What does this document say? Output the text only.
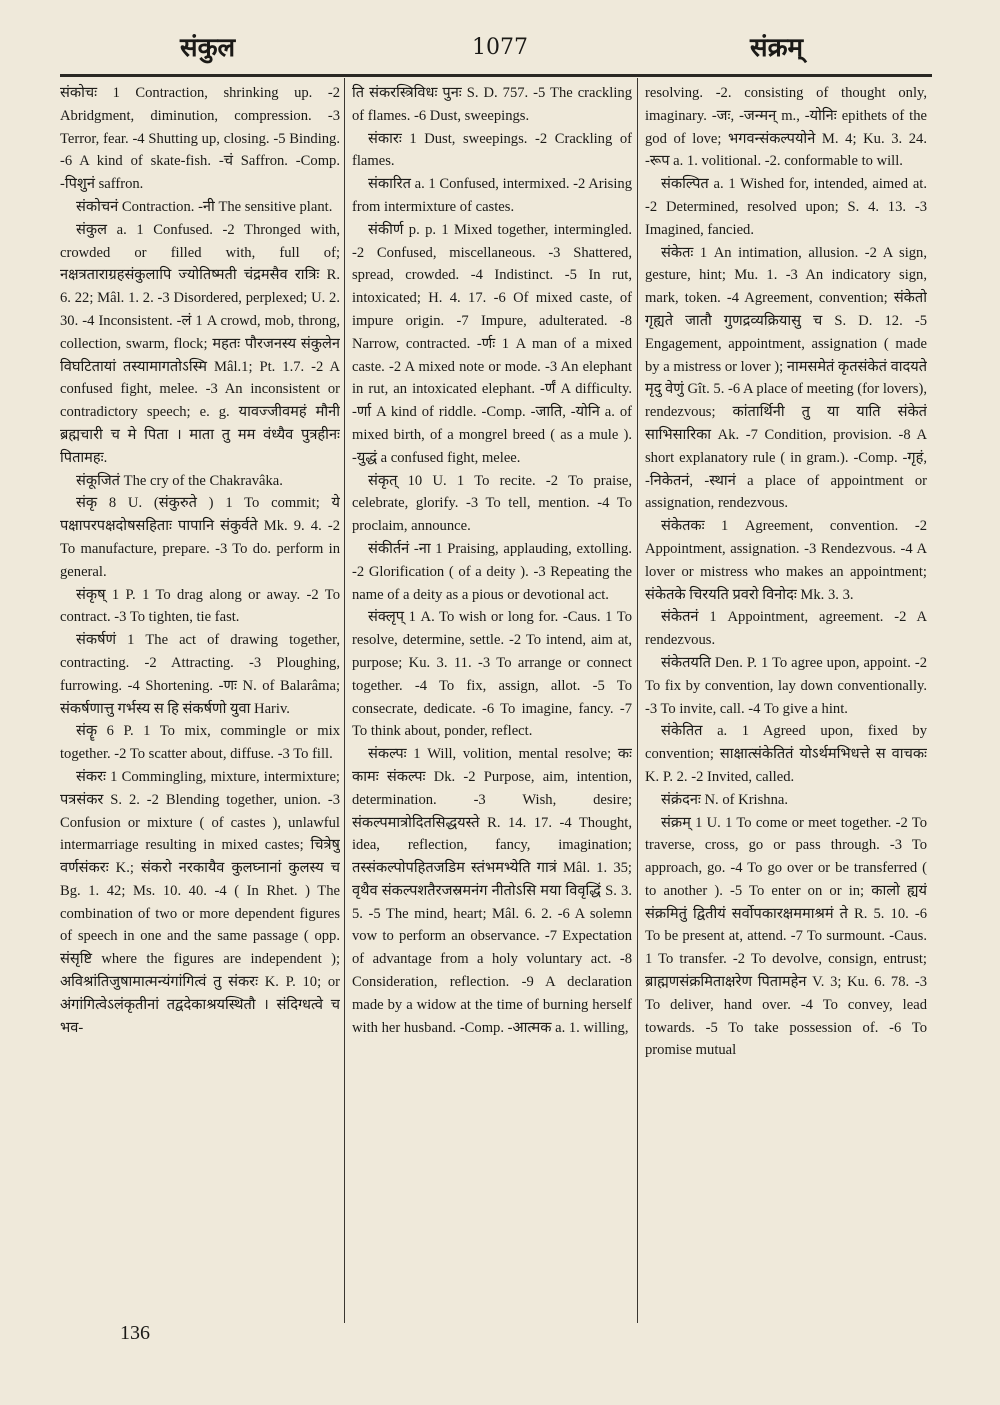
संकुल	1077	संक्रम्

संकोचः 1 Contraction, shrinking up. -2 Abridgment, diminution, compression. -3 Terror, fear. -4 Shutting up, closing. -5 Binding. -6 A kind of skate-fish. -चं Saffron. -Comp. -पिशुनं saffron.

संकोचनं Contraction. -नी The sensitive plant.

संकुल a. 1 Confused. -2 Thronged with, crowded or filled with, full of; नक्षत्रताराग्रहसंकुलापि ज्योतिष्मती चंद्रमसैव रात्रिः R. 6. 22; Mâl. 1. 2. -3 Disordered, perplexed; U. 2. 30. -4 Inconsistent. -लं 1 A crowd, mob, throng, collection, swarm, flock; महतः पौरजनस्य संकुलेन विघटितायां तस्यामागतोऽस्मि Mâl.1; Pt. 1.7. -2 A confused fight, melee. -3 An inconsistent or contradictory speech; e. g. यावज्जीवमहं मौनी ब्रह्मचारी च मे पिता । माता तु मम वंध्यैव पुत्रहीनः पितामहः.

संकूजितं The cry of the Chakravâka.

संकृ 8 U. (संकुरुते ) 1 To commit; ये पक्षापरपक्षदोषसहिताः पापानि संकुर्वते Mk. 9. 4. -2 To manufacture, prepare. -3 To do. perform in general.

संकृष् 1 P. 1 To drag along or away. -2 To contract. -3 To tighten, tie fast.

संकर्षणं 1 The act of drawing together, contracting. -2 Attracting. -3 Ploughing, furrowing. -4 Shortening. -णः N. of Balarâma; संकर्षणात्तु गर्भस्य स हि संकर्षणो युवा Hariv.

संकॄ 6 P. 1 To mix, commingle or mix together. -2 To scatter about, diffuse. -3 To fill.

संकरः 1 Commingling, mixture, intermixture; पत्रसंकर S. 2. -2 Blending together, union. -3 Confusion or mixture ( of castes ), unlawful intermarriage resulting in mixed castes; चित्रेषु वर्णसंकरः K.; संकरो नरकायैव कुलघ्नानां कुलस्य च Bg. 1. 42; Ms. 10. 40. -4 ( In Rhet. ) The combination of two or more dependent figures of speech in one and the same passage ( opp. संसृष्टि where the figures are independent ); अविश्रांतिजुषामात्मन्यंगांगित्वं तु संकरः K. P. 10; or अंगांगित्वेऽलंकृतीनां तद्वदेकाश्रयस्थितौ । संदिग्धत्वे च भव-

ति संकरस्त्रिविधः पुनः S. D. 757. -5 The crackling of flames. -6 Dust, sweepings.

संकारः 1 Dust, sweepings. -2 Crackling of flames.

संकारित a. 1 Confused, intermixed. -2 Arising from intermixture of castes.

संकीर्ण p. p. 1 Mixed together, intermingled. -2 Confused, miscellaneous. -3 Shattered, spread, crowded. -4 Indistinct. -5 In rut, intoxicated; H. 4. 17. -6 Of mixed caste, of impure origin. -7 Impure, adulterated. -8 Narrow, contracted. -र्णः 1 A man of a mixed caste. -2 A mixed note or mode. -3 An elephant in rut, an intoxicated elephant. -र्णं A difficulty. -र्णा A kind of riddle. -Comp. -जाति, -योनि a. of mixed birth, of a mongrel breed ( as a mule ). -युद्धं a confused fight, melee.

संकृत् 10 U. 1 To recite. -2 To praise, celebrate, glorify. -3 To tell, mention. -4 To proclaim, announce.

संकीर्तनं -ना 1 Praising, applauding, extolling. -2 Glorification ( of a deity ). -3 Repeating the name of a deity as a pious or devotional act.

संक्लृप् 1 A. To wish or long for. -Caus. 1 To resolve, determine, settle. -2 To intend, aim at, purpose; Ku. 3. 11. -3 To arrange or connect together. -4 To fix, assign, allot. -5 To consecrate, dedicate. -6 To imagine, fancy. -7 To think about, ponder, reflect.

संकल्पः 1 Will, volition, mental resolve; कः कामः संकल्पः Dk. -2 Purpose, aim, intention, determination. -3 Wish, desire; संकल्पमात्रोदितसिद्धयस्ते R. 14. 17. -4 Thought, idea, reflection, fancy, imagination; तस्संकल्पोपहितजडिम स्तंभमभ्येति गात्रं Mâl. 1. 35; वृथैव संकल्पशतैरजस्रमनंग नीतोऽसि मया विवृद्धिं S. 3. 5. -5 The mind, heart; Mâl. 6. 2. -6 A solemn vow to perform an observance. -7 Expectation of advantage from a holy voluntary act. -8 Consideration, reflection. -9 A declaration made by a widow at the time of burning herself with her husband. -Comp. -आत्मक a. 1. willing,

resolving. -2. consisting of thought only, imaginary. -जः, -जन्मन् m., -योनिः epithets of the god of love; भगवन्संकल्पयोने M. 4; Ku. 3. 24. -रूप a. 1. volitional. -2. conformable to will.

संकल्पित a. 1 Wished for, intended, aimed at. -2 Determined, resolved upon; S. 4. 13. -3 Imagined, fancied.

संकेतः 1 An intimation, allusion. -2 A sign, gesture, hint; Mu. 1. -3 An indicatory sign, mark, token. -4 Agreement, convention; संकेतो गृह्यते जातौ गुणद्रव्यक्रियासु च S. D. 12. -5 Engagement, appointment, assignation ( made by a mistress or lover ); नामसमेतं कृतसंकेतं वादयते मृदु वेणुं Gît. 5. -6 A place of meeting (for lovers), rendezvous; कांतार्थिनी तु या याति संकेतं साभिसारिका Ak. -7 Condition, provision. -8 A short explanatory rule ( in gram.). -Comp. -गृहं, -निकेतनं, -स्थानं a place of appointment or assignation, rendezvous.

संकेतकः 1 Agreement, convention. -2 Appointment, assignation. -3 Rendezvous. -4 A lover or mistress who makes an appointment; संकेतके चिरयति प्रवरो विनोदः Mk. 3. 3.

संकेतनं 1 Appointment, agreement. -2 A rendezvous.

संकेतयति Den. P. 1 To agree upon, appoint. -2 To fix by convention, lay down conventionally. -3 To invite, call. -4 To give a hint.

संकेतित a. 1 Agreed upon, fixed by convention; साक्षात्संकेतितं योऽर्थमभिधत्ते स वाचकः K. P. 2. -2 Invited, called.

संक्रंदनः N. of Krishna.

संक्रम् 1 U. 1 To come or meet together. -2 To traverse, cross, go or pass through. -3 To approach, go. -4 To go over or be transferred ( to another ). -5 To enter on or in; कालो ह्ययं संक्रमितुं द्वितीयं सर्वोपकारक्षममाश्रमं ते R. 5. 10. -6 To be present at, attend. -7 To surmount. -Caus. 1 To transfer. -2 To devolve, consign, entrust; ब्राह्मणसंक्रमिताक्षरेण पितामहेन V. 3; Ku. 6. 78. -3 To deliver, hand over. -4 To convey, lead towards. -5 To take possession of. -6 To promise mutual

136
